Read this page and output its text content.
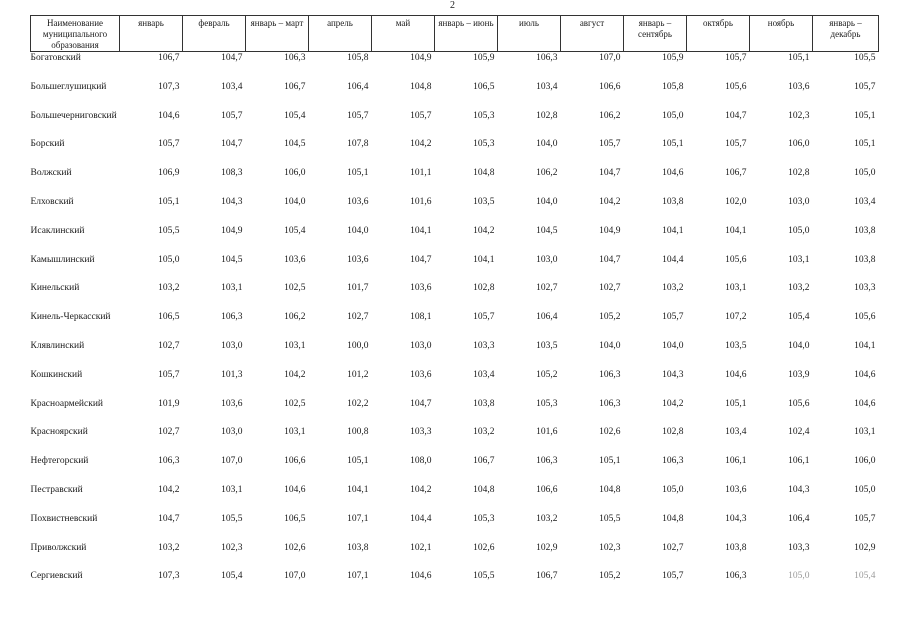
2
Наименование муниципального образования	январь	февраль	январь – март	апрель	май	январь – июнь	июль	август	январь – сентябрь	октябрь	ноябрь	январь – декабрь
Богатовский	106,7	104,7	106,3	105,8	104,9	105,9	106,3	107,0	105,9	105,7	105,1	105,5
Большеглушицкий	107,3	103,4	106,7	106,4	104,8	106,5	103,4	106,6	105,8	105,6	103,6	105,7
Большечерниговский	104,6	105,7	105,4	105,7	105,7	105,3	102,8	106,2	105,0	104,7	102,3	105,1
Борский	105,7	104,7	104,5	107,8	104,2	105,3	104,0	105,7	105,1	105,7	106,0	105,1
Волжский	106,9	108,3	106,0	105,1	101,1	104,8	106,2	104,7	104,6	106,7	102,8	105,0
Елховский	105,1	104,3	104,0	103,6	101,6	103,5	104,0	104,2	103,8	102,0	103,0	103,4
Исаклинский	105,5	104,9	105,4	104,0	104,1	104,2	104,5	104,9	104,1	104,1	105,0	103,8
Камышлинский	105,0	104,5	103,6	103,6	104,7	104,1	103,0	104,7	104,4	105,6	103,1	103,8
Кинельский	103,2	103,1	102,5	101,7	103,6	102,8	102,7	102,7	103,2	103,1	103,2	103,3
Кинель-Черкасский	106,5	106,3	106,2	102,7	108,1	105,7	106,4	105,2	105,7	107,2	105,4	105,6
Клявлинский	102,7	103,0	103,1	100,0	103,0	103,3	103,5	104,0	104,0	103,5	104,0	104,1
Кошкинский	105,7	101,3	104,2	101,2	103,6	103,4	105,2	106,3	104,3	104,6	103,9	104,6
Красноармейский	101,9	103,6	102,5	102,2	104,7	103,8	105,3	106,3	104,2	105,1	105,6	104,6
Красноярский	102,7	103,0	103,1	100,8	103,3	103,2	101,6	102,6	102,8	103,4	102,4	103,1
Нефтегорский	106,3	107,0	106,6	105,1	108,0	106,7	106,3	105,1	106,3	106,1	106,1	106,0
Пестравский	104,2	103,1	104,6	104,1	104,2	104,8	106,6	104,8	105,0	103,6	104,3	105,0
Похвистневский	104,7	105,5	106,5	107,1	104,4	105,3	103,2	105,5	104,8	104,3	106,4	105,7
Приволжский	103,2	102,3	102,6	103,8	102,1	102,6	102,9	102,3	102,7	103,8	103,3	102,9
Сергиевский	107,3	105,4	107,0	107,1	104,6	105,5	106,7	105,2	105,7	106,3	105,0	105,4
